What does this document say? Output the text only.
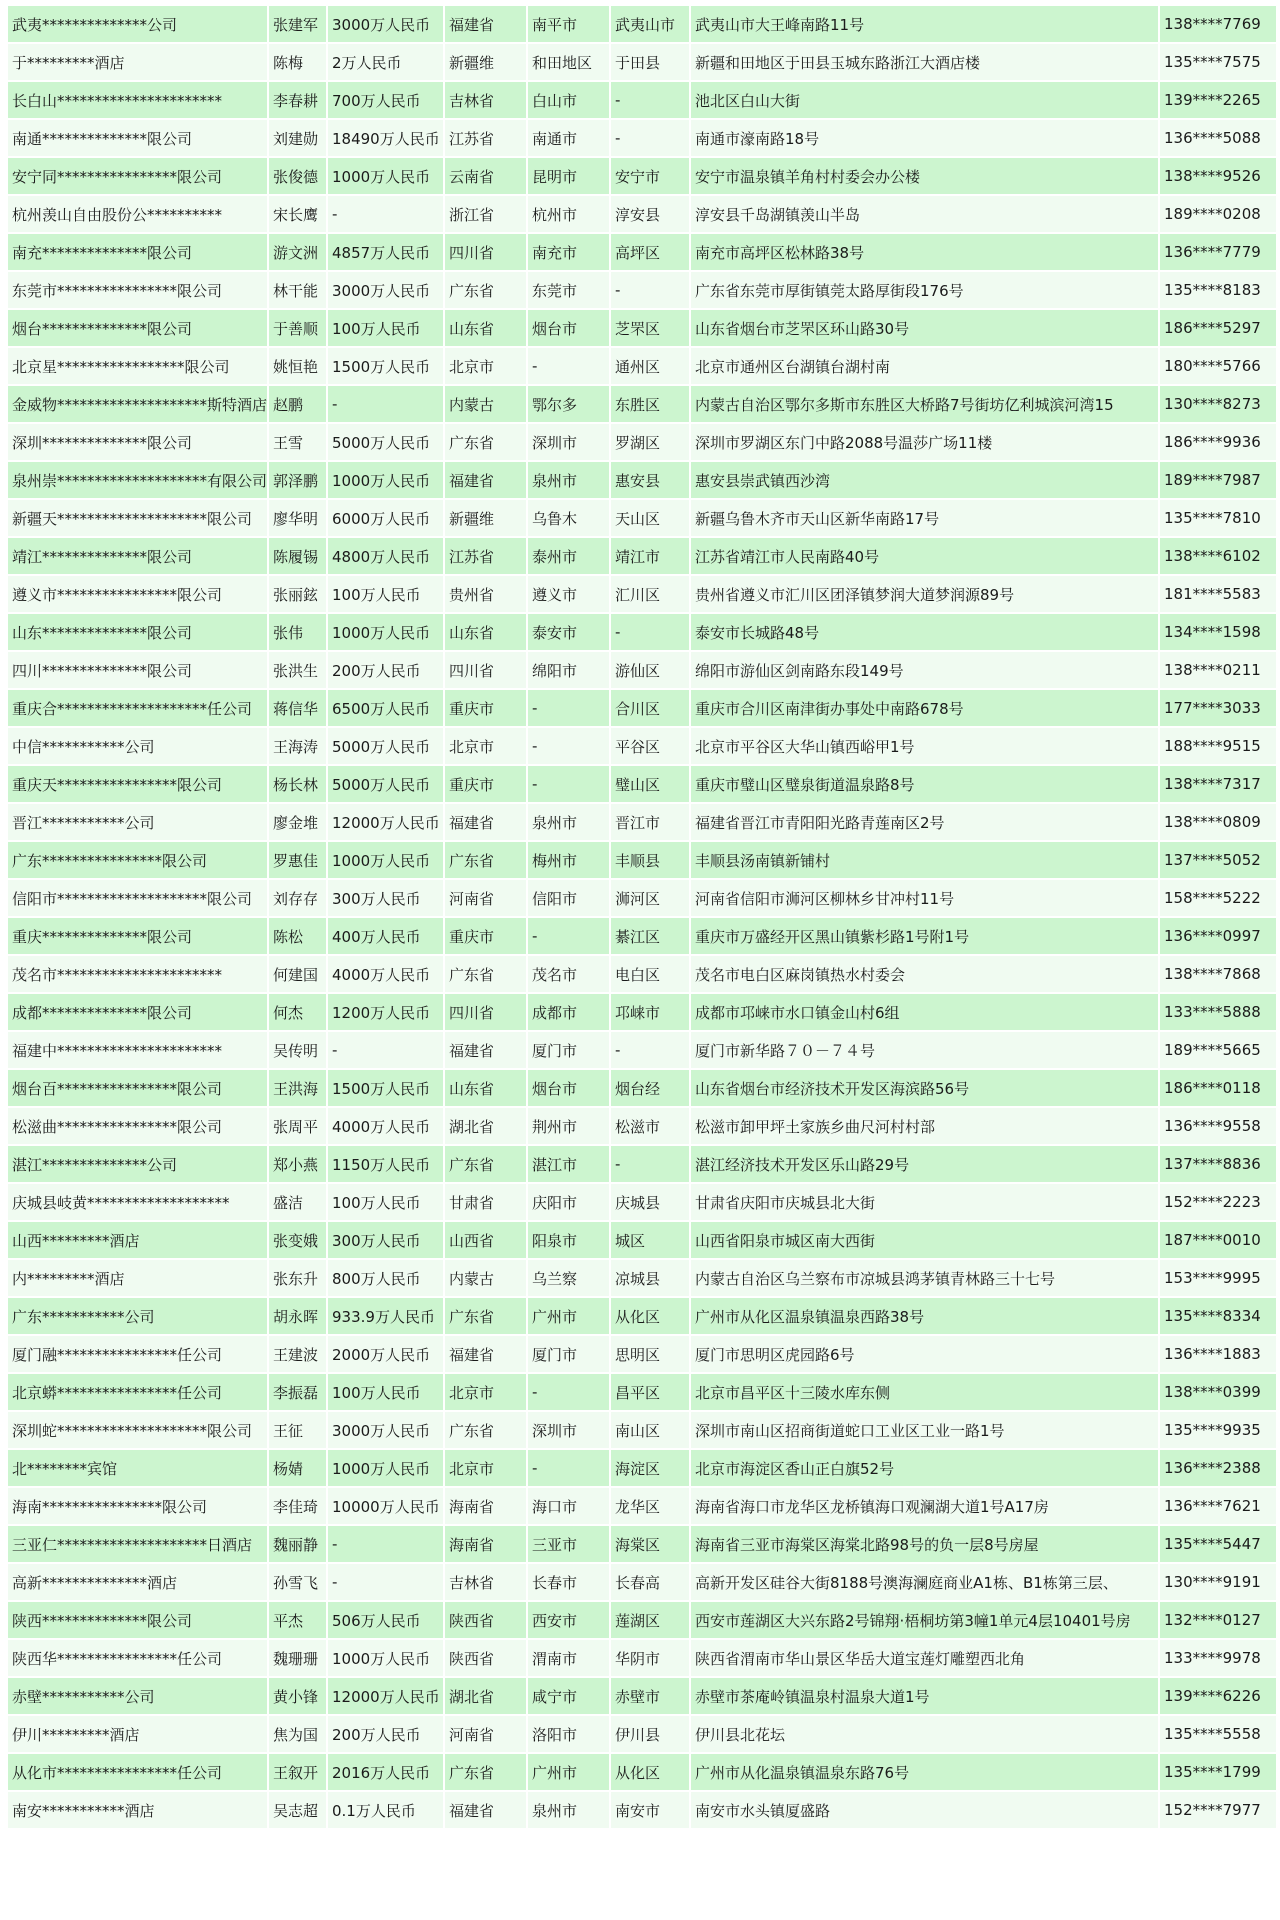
武夷**************公司	张建军	3000万人民币	福建省	南平市	武夷山市	武夷山市大王峰南路11号	138****7769
于*********酒店	陈梅	2万人民币	新疆维	和田地区	于田县	新疆和田地区于田县玉城东路浙江大酒店楼	135****7575
长白山**********************	李春耕	700万人民币	吉林省	白山市	-	池北区白山大街	139****2265
南通**************限公司	刘建勋	18490万人民币	江苏省	南通市	-	南通市濠南路18号	136****5088
安宁同****************限公司	张俊德	1000万人民币	云南省	昆明市	安宁市	安宁市温泉镇羊角村村委会办公楼	138****9526
杭州羡山自由股份公**********	宋长鹰	-	浙江省	杭州市	淳安县	淳安县千岛湖镇羡山半岛	189****0208
南充**************限公司	游文洲	4857万人民币	四川省	南充市	高坪区	南充市高坪区松林路38号	136****7779
东莞市****************限公司	林干能	3000万人民币	广东省	东莞市	-	广东省东莞市厚街镇莞太路厚街段176号	135****8183
烟台**************限公司	于善顺	100万人民币	山东省	烟台市	芝罘区	山东省烟台市芝罘区环山路30号	186****5297
北京星*****************限公司	姚恒艳	1500万人民币	北京市	-	通州区	北京市通州区台湖镇台湖村南	180****5766
金威物********************斯特酒店	赵鹏	-	内蒙古	鄂尔多	东胜区	内蒙古自治区鄂尔多斯市东胜区大桥路7号街坊亿利城滨河湾15	130****8273
深圳**************限公司	王雪	5000万人民币	广东省	深圳市	罗湖区	深圳市罗湖区东门中路2088号温莎广场11楼	186****9936
泉州崇********************有限公司	郭泽鹏	1000万人民币	福建省	泉州市	惠安县	惠安县崇武镇西沙湾	189****7987
新疆天********************限公司	廖华明	6000万人民币	新疆维	乌鲁木	天山区	新疆乌鲁木齐市天山区新华南路17号	135****7810
靖江**************限公司	陈履锡	4800万人民币	江苏省	泰州市	靖江市	江苏省靖江市人民南路40号	138****6102
遵义市****************限公司	张丽鉉	100万人民币	贵州省	遵义市	汇川区	贵州省遵义市汇川区团泽镇梦润大道梦润源89号	181****5583
山东**************限公司	张伟	1000万人民币	山东省	泰安市	-	泰安市长城路48号	134****1598
四川**************限公司	张洪生	200万人民币	四川省	绵阳市	游仙区	绵阳市游仙区剑南路东段149号	138****0211
重庆合********************任公司	蒋信华	6500万人民币	重庆市	-	合川区	重庆市合川区南津街办事处中南路678号	177****3033
中信***********公司	王海涛	5000万人民币	北京市	-	平谷区	北京市平谷区大华山镇西峪甲1号	188****9515
重庆天****************限公司	杨长林	5000万人民币	重庆市	-	璧山区	重庆市璧山区璧泉街道温泉路8号	138****7317
晋江***********公司	廖金堆	12000万人民币	福建省	泉州市	晋江市	福建省晋江市青阳阳光路青莲南区2号	138****0809
广东****************限公司	罗惠佳	1000万人民币	广东省	梅州市	丰顺县	丰顺县汤南镇新铺村	137****5052
信阳市********************限公司	刘存存	300万人民币	河南省	信阳市	浉河区	河南省信阳市浉河区柳林乡甘冲村11号	158****5222
重庆**************限公司	陈松	400万人民币	重庆市	-	綦江区	重庆市万盛经开区黑山镇紫杉路1号附1号	136****0997
茂名市**********************	何建国	4000万人民币	广东省	茂名市	电白区	茂名市电白区麻岗镇热水村委会	138****7868
成都**************限公司	何杰	1200万人民币	四川省	成都市	邛崃市	成都市邛崃市水口镇金山村6组	133****5888
福建中**********************	吴传明	-	福建省	厦门市	-	厦门市新华路７０－７４号	189****5665
烟台百****************限公司	王洪海	1500万人民币	山东省	烟台市	烟台经	山东省烟台市经济技术开发区海滨路56号	186****0118
松滋曲****************限公司	张周平	4000万人民币	湖北省	荆州市	松滋市	松滋市卸甲坪土家族乡曲尺河村村部	136****9558
湛江**************公司	郑小燕	1150万人民币	广东省	湛江市	-	湛江经济技术开发区乐山路29号	137****8836
庆城县岐黄*******************	盛洁	100万人民币	甘肃省	庆阳市	庆城县	甘肃省庆阳市庆城县北大街	152****2223
山西*********酒店	张变娥	300万人民币	山西省	阳泉市	城区	山西省阳泉市城区南大西街	187****0010
内*********酒店	张东升	800万人民币	内蒙古	乌兰察	凉城县	内蒙古自治区乌兰察布市凉城县鸿茅镇青林路三十七号	153****9995
广东***********公司	胡永晖	933.9万人民币	广东省	广州市	从化区	广州市从化区温泉镇温泉西路38号	135****8334
厦门融****************任公司	王建波	2000万人民币	福建省	厦门市	思明区	厦门市思明区虎园路6号	136****1883
北京蟒****************任公司	李振磊	100万人民币	北京市	-	昌平区	北京市昌平区十三陵水库东侧	138****0399
深圳蛇********************限公司	王征	3000万人民币	广东省	深圳市	南山区	深圳市南山区招商街道蛇口工业区工业一路1号	135****9935
北********宾馆	杨婧	1000万人民币	北京市	-	海淀区	北京市海淀区香山正白旗52号	136****2388
海南****************限公司	李佳琦	10000万人民币	海南省	海口市	龙华区	海南省海口市龙华区龙桥镇海口观澜湖大道1号A17房	136****7621
三亚仁********************日酒店	魏丽静	-	海南省	三亚市	海棠区	海南省三亚市海棠区海棠北路98号的负一层8号房屋	135****5447
高新**************酒店	孙雪飞	-	吉林省	长春市	长春高	高新开发区硅谷大街8188号澳海澜庭商业A1栋、B1栋第三层、	130****9191
陕西**************限公司	平杰	506万人民币	陕西省	西安市	莲湖区	西安市莲湖区大兴东路2号锦翔·梧桐坊第3幢1单元4层10401号房	132****0127
陕西华****************任公司	魏珊珊	1000万人民币	陕西省	渭南市	华阴市	陕西省渭南市华山景区华岳大道宝莲灯雕塑西北角	133****9978
赤壁***********公司	黄小锋	12000万人民币	湖北省	咸宁市	赤壁市	赤壁市茶庵岭镇温泉村温泉大道1号	139****6226
伊川*********酒店	焦为国	200万人民币	河南省	洛阳市	伊川县	伊川县北花坛	135****5558
从化市****************任公司	王叙开	2016万人民币	广东省	广州市	从化区	广州市从化温泉镇温泉东路76号	135****1799
南安***********酒店	吴志超	0.1万人民币	福建省	泉州市	南安市	南安市水头镇厦盛路	152****7977
